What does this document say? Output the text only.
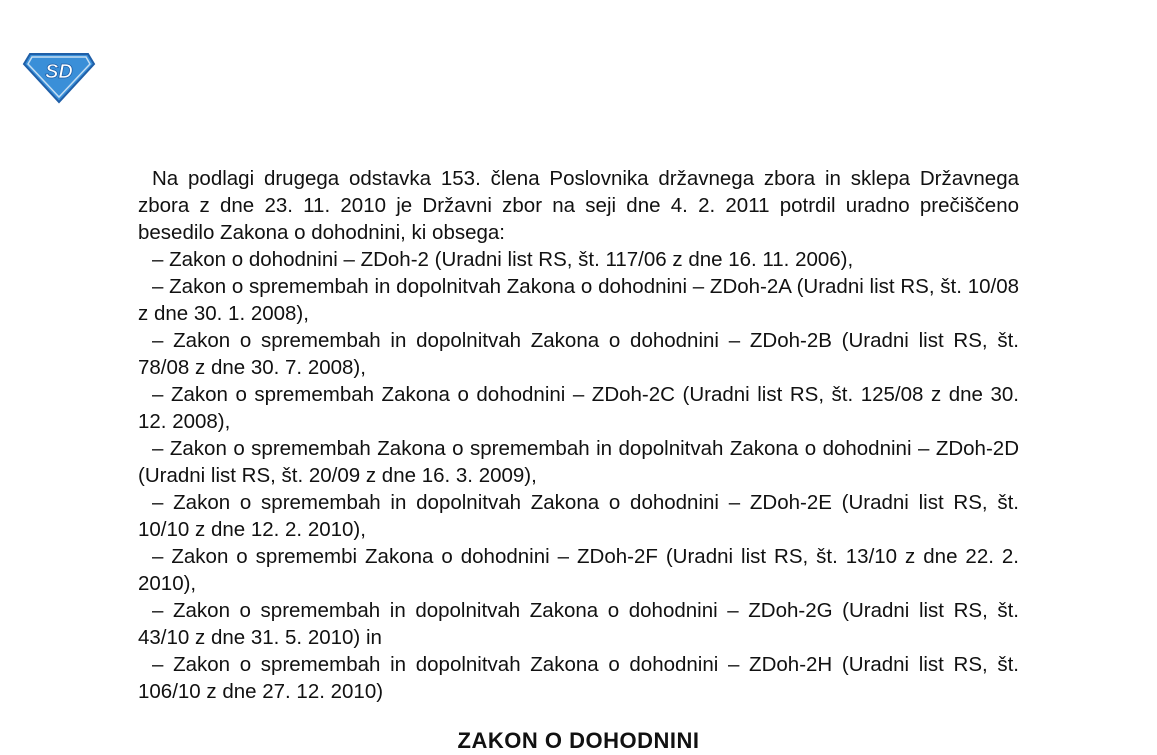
SD

Na podlagi drugega odstavka 153. člena Poslovnika državnega zbora in sklepa Državnega zbora z dne 23. 11. 2010 je Državni zbor na seji dne 4. 2. 2011 potrdil uradno prečiščeno besedilo Zakona o dohodnini, ki obsega:

– Zakon o dohodnini – ZDoh-2 (Uradni list RS, št. 117/06 z dne 16. 11. 2006),

– Zakon o spremembah in dopolnitvah Zakona o dohodnini – ZDoh-2A (Uradni list RS, št. 10/08 z dne 30. 1. 2008),

– Zakon o spremembah in dopolnitvah Zakona o dohodnini – ZDoh-2B (Uradni list RS, št. 78/08 z dne 30. 7. 2008),

– Zakon o spremembah Zakona o dohodnini – ZDoh-2C (Uradni list RS, št. 125/08 z dne 30. 12. 2008),

– Zakon o spremembah Zakona o spremembah in dopolnitvah Zakona o dohodnini – ZDoh-2D (Uradni list RS, št. 20/09 z dne 16. 3. 2009),

– Zakon o spremembah in dopolnitvah Zakona o dohodnini – ZDoh-2E (Uradni list RS, št. 10/10 z dne 12. 2. 2010),

– Zakon o spremembi Zakona o dohodnini – ZDoh-2F (Uradni list RS, št. 13/10 z dne 22. 2. 2010),

– Zakon o spremembah in dopolnitvah Zakona o dohodnini – ZDoh-2G (Uradni list RS, št. 43/10 z dne 31. 5. 2010) in

– Zakon o spremembah in dopolnitvah Zakona o dohodnini – ZDoh-2H (Uradni list RS, št. 106/10 z dne 27. 12. 2010)

ZAKON O DOHODNINI
